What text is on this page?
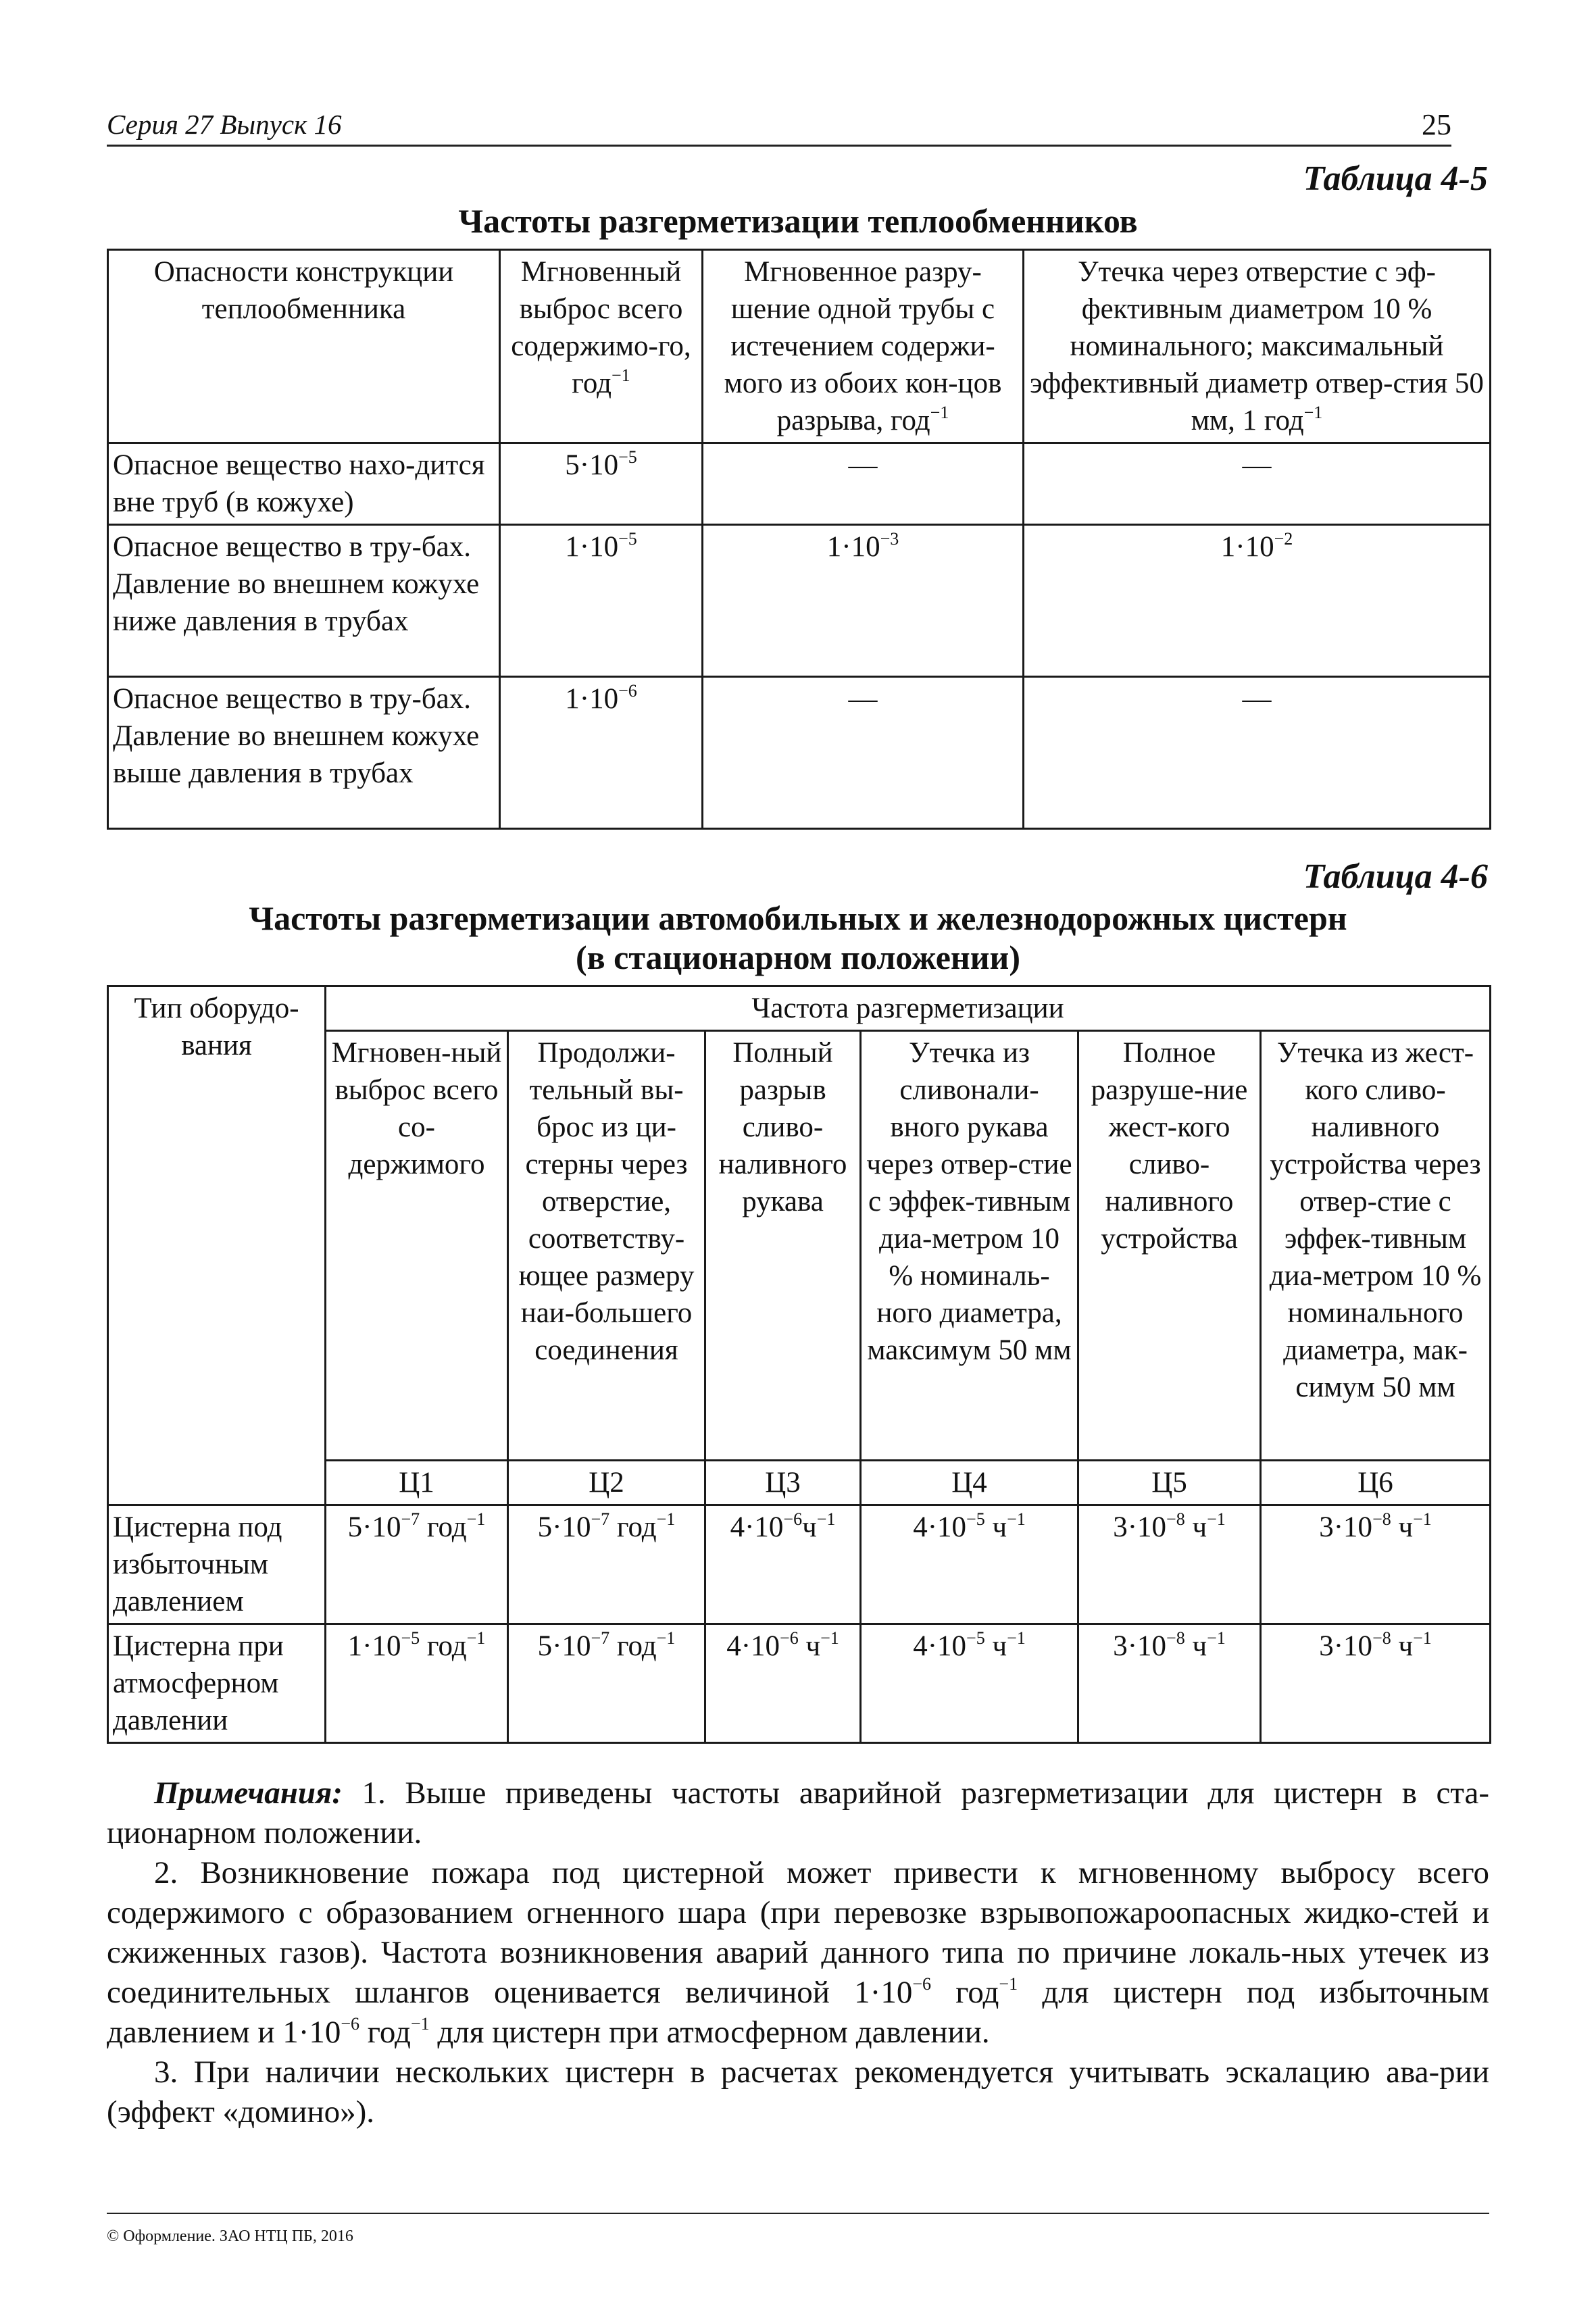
Серия 27 Выпуск 16	25
Таблица 4-5
Частоты разгерметизации теплообменников
Опасности конструкции теплообменника	Мгновенный выброс всего содержимо-го, год$^{-1}$	Мгновенное разру-шение одной трубы с истечением содержи-мого из обоих кон-цов разрыва, год$^{-1}$	Утечка через отверстие с эф-фективным диаметром 10 % номинального; максимальный эффективный диаметр отвер-стия 50 мм, 1 год$^{-1}$
Опасное вещество нахо-дится вне труб (в кожухе)	$5\cdot 10^{-5}$	—	—
Опасное вещество в тру-бах. Давление во внешнем кожухе ниже давления в трубах	$1\cdot 10^{-5}$	$1\cdot 10^{-3}$	$1\cdot 10^{-2}$
Опасное вещество в тру-бах. Давление во внешнем кожухе выше давления в трубах	$1\cdot 10^{-6}$	—	—
Таблица 4-6
Частоты разгерметизации автомобильных и железнодорожных цистерн
(в стационарном положении)
Тип оборудо-вания	Частота разгерметизации					
	Мгновен-ный выброс всего со-держимого	Продолжи-тельный вы-брос из ци-стерны через отверстие, соответству-ющее размеру наи-большего соединения	Полный разрыв сливо-наливного рукава	Утечка из сливонали-вного рукава через отвер-стие с эффек-тивным диа-метром 10 % номиналь-ного диаметра, максимум 50 мм	Полное разруше-ние жест-кого сливо-наливного устройства	Утечка из жест-кого сливо-наливного устройства через отвер-стие с эффек-тивным диа-метром 10 % номинального диаметра, мак-симум 50 мм
	Ц1	Ц2	Ц3	Ц4	Ц5	Ц6
Цистерна под избыточным давлением	$5\cdot 10^{-7}$ год$^{-1}$	$5\cdot 10^{-7}$ год$^{-1}$	$4\cdot 10^{-6}ч^{-1}$	$4\cdot 10^{-5}$ $ч^{-1}$	$3\cdot 10^{-8}$ $ч^{-1}$	$3\cdot 10^{-8}$ $ч^{-1}$
Цистерна при атмосферном давлении	$1\cdot 10^{-5}$ год$^{-1}$	$5\cdot 10^{-7}$ год$^{-1}$	$4\cdot 10^{-6}$ $ч^{-1}$	$4\cdot 10^{-5}$ $ч^{-1}$	$3\cdot 10^{-8}$ $ч^{-1}$	$3\cdot 10^{-8}$ $ч^{-1}$

Примечания: 1. Выше приведены частоты аварийной разгерметизации для цистерн в ста-ционарном положении.

2. Возникновение пожара под цистерной может привести к мгновенному выбросу всего содержимого с образованием огненного шара (при перевозке взрывопожароопасных жидко-стей и сжиженных газов). Частота возникновения аварий данного типа по причине локаль-ных утечек из соединительных шлангов оценивается величиной $1\cdot 10^{-6}$ год$^{-1}$ для цистерн под избыточным давлением и $1\cdot 10^{-6}$ год$^{-1}$ для цистерн при атмосферном давлении.

3. При наличии нескольких цистерн в расчетах рекомендуется учитывать эскалацию ава-рии (эффект «домино»).

© Оформление. ЗАО НТЦ ПБ, 2016
